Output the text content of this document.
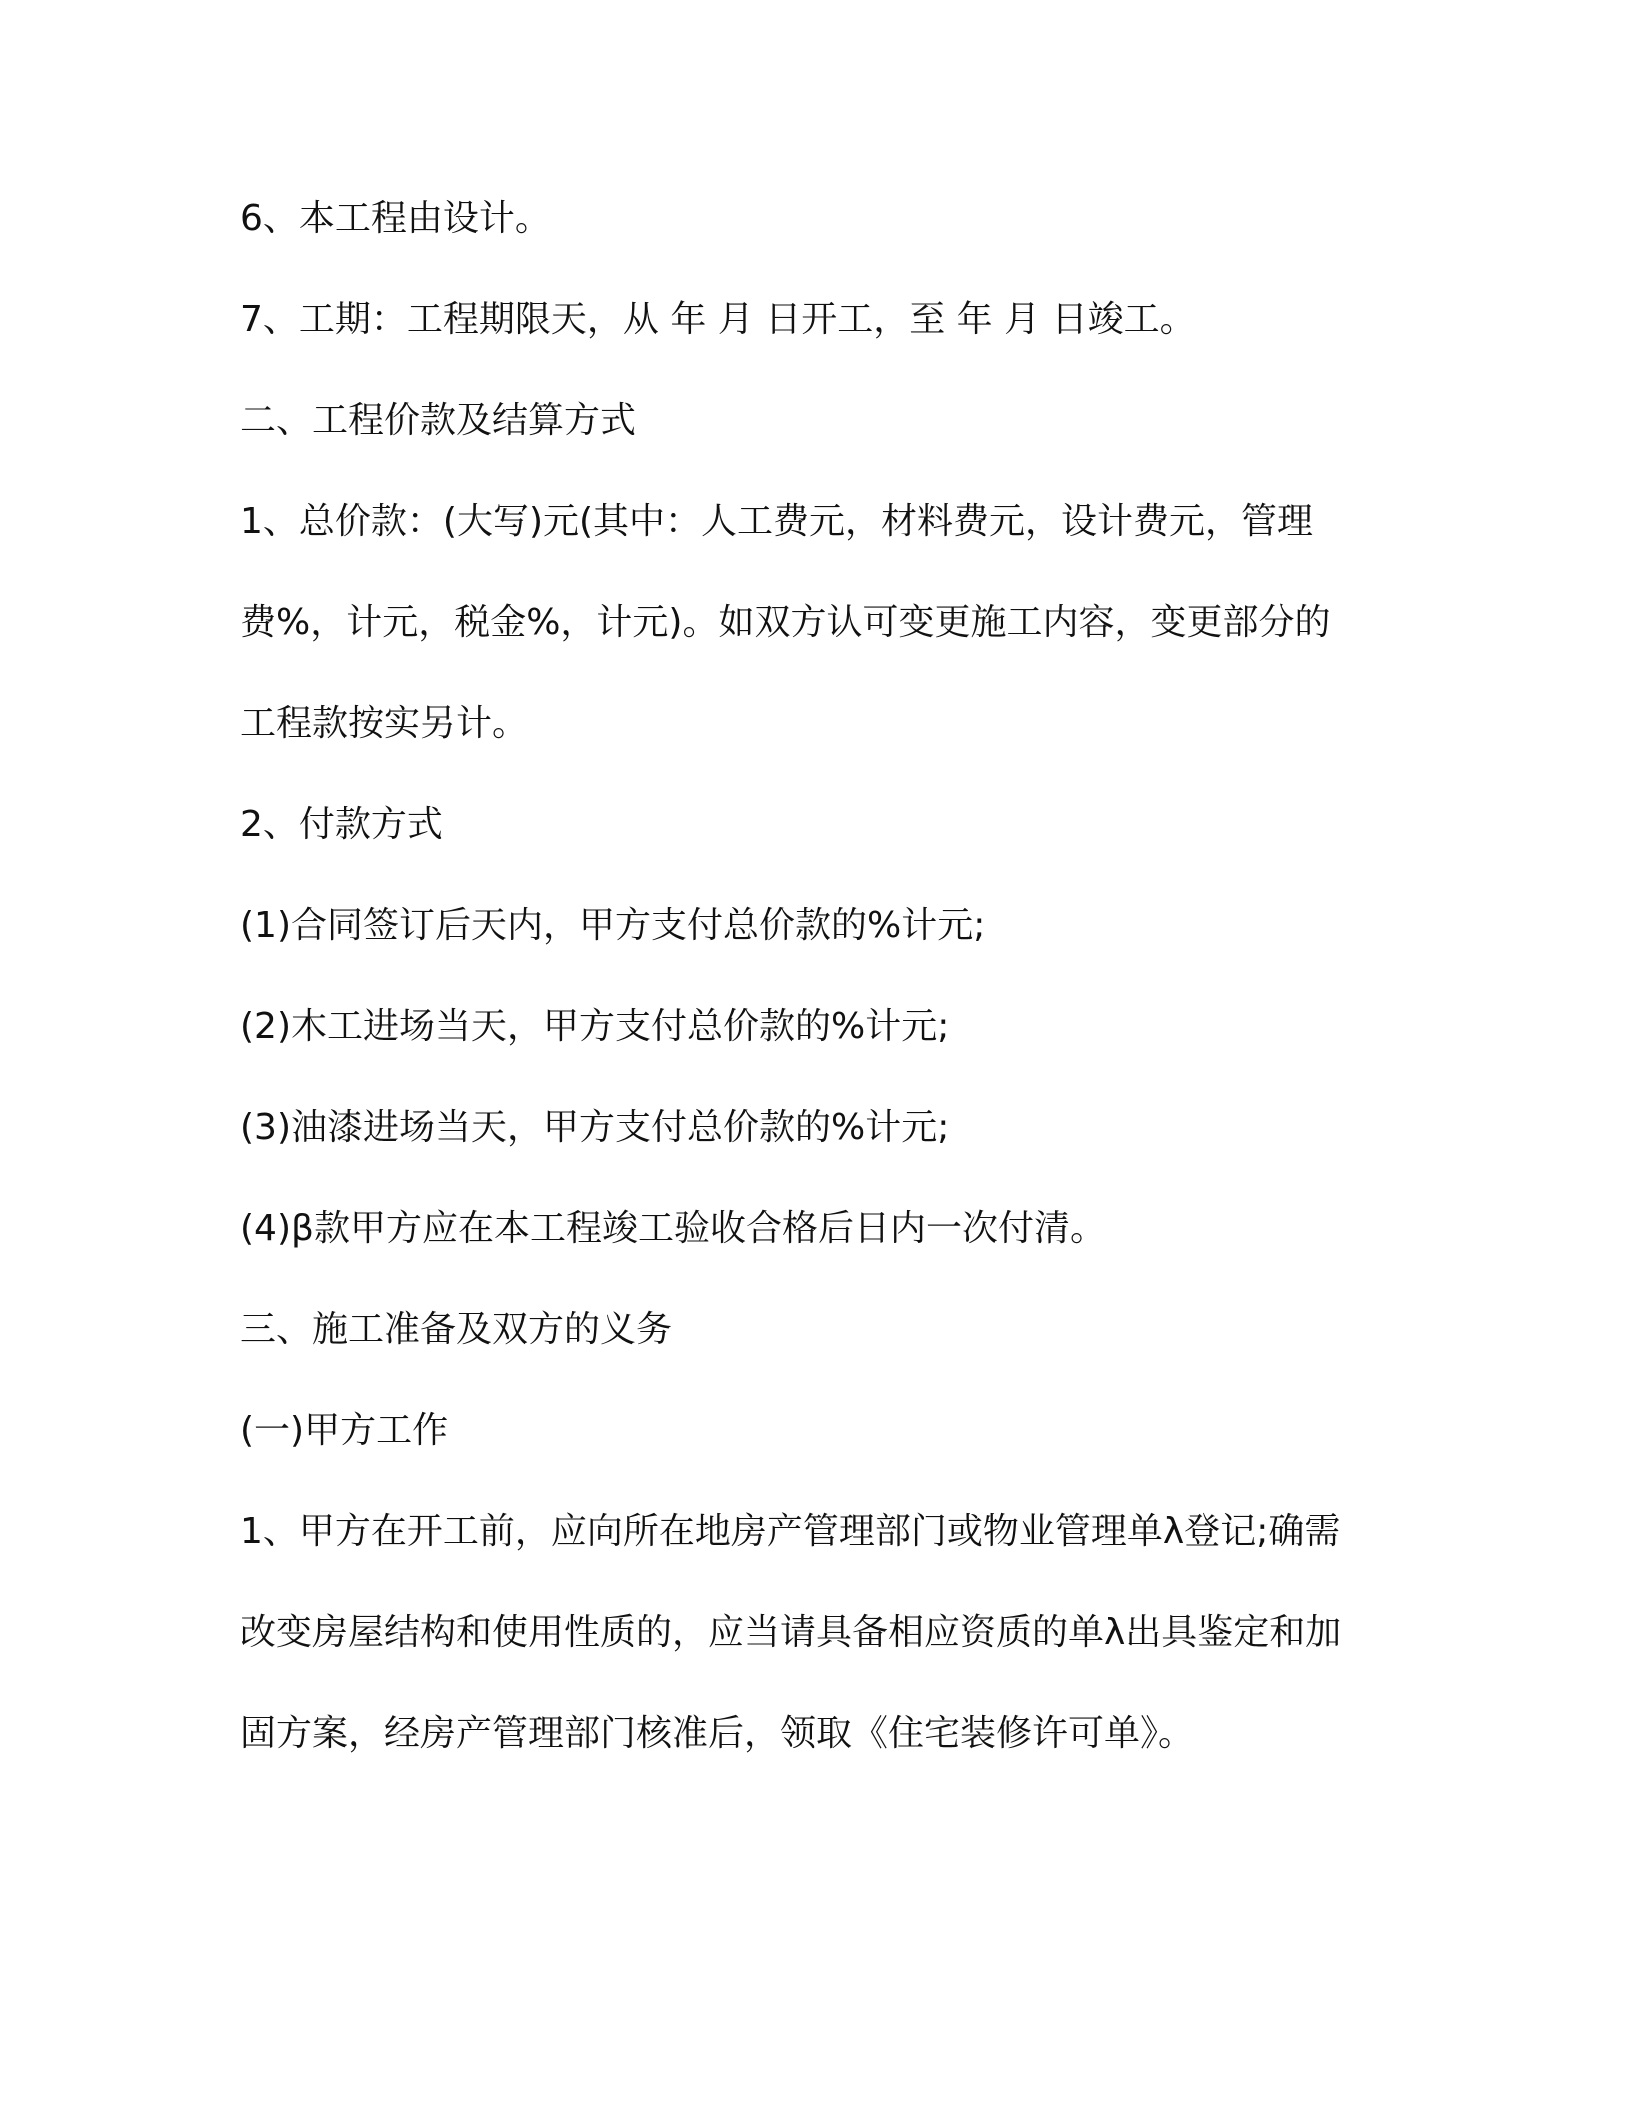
6、本工程由设计。

7、工期：工程期限天，从 年 月 日开工，至 年 月 日竣工。

二、工程价款及结算方式

1、总价款：(大写)元(其中：人工费元，材料费元，设计费元，管理

费%，计元，税金%，计元)。如双方认可变更施工内容，变更部分的

工程款按实另计。

2、付款方式

(1)合同签订后天内，甲方支付总价款的%计元;

(2)木工进场当天，甲方支付总价款的%计元;

(3)油漆进场当天，甲方支付总价款的%计元;

(4)β款甲方应在本工程竣工验收合格后日内一次付清。

三、施工准备及双方的义务

(一)甲方工作

1、甲方在开工前，应向所在地房产管理部门或物业管理单λ登记;确需

改变房屋结构和使用性质的，应当请具备相应资质的单λ出具鉴定和加

固方案，经房产管理部门核准后，领取《住宅装修许可单》。
